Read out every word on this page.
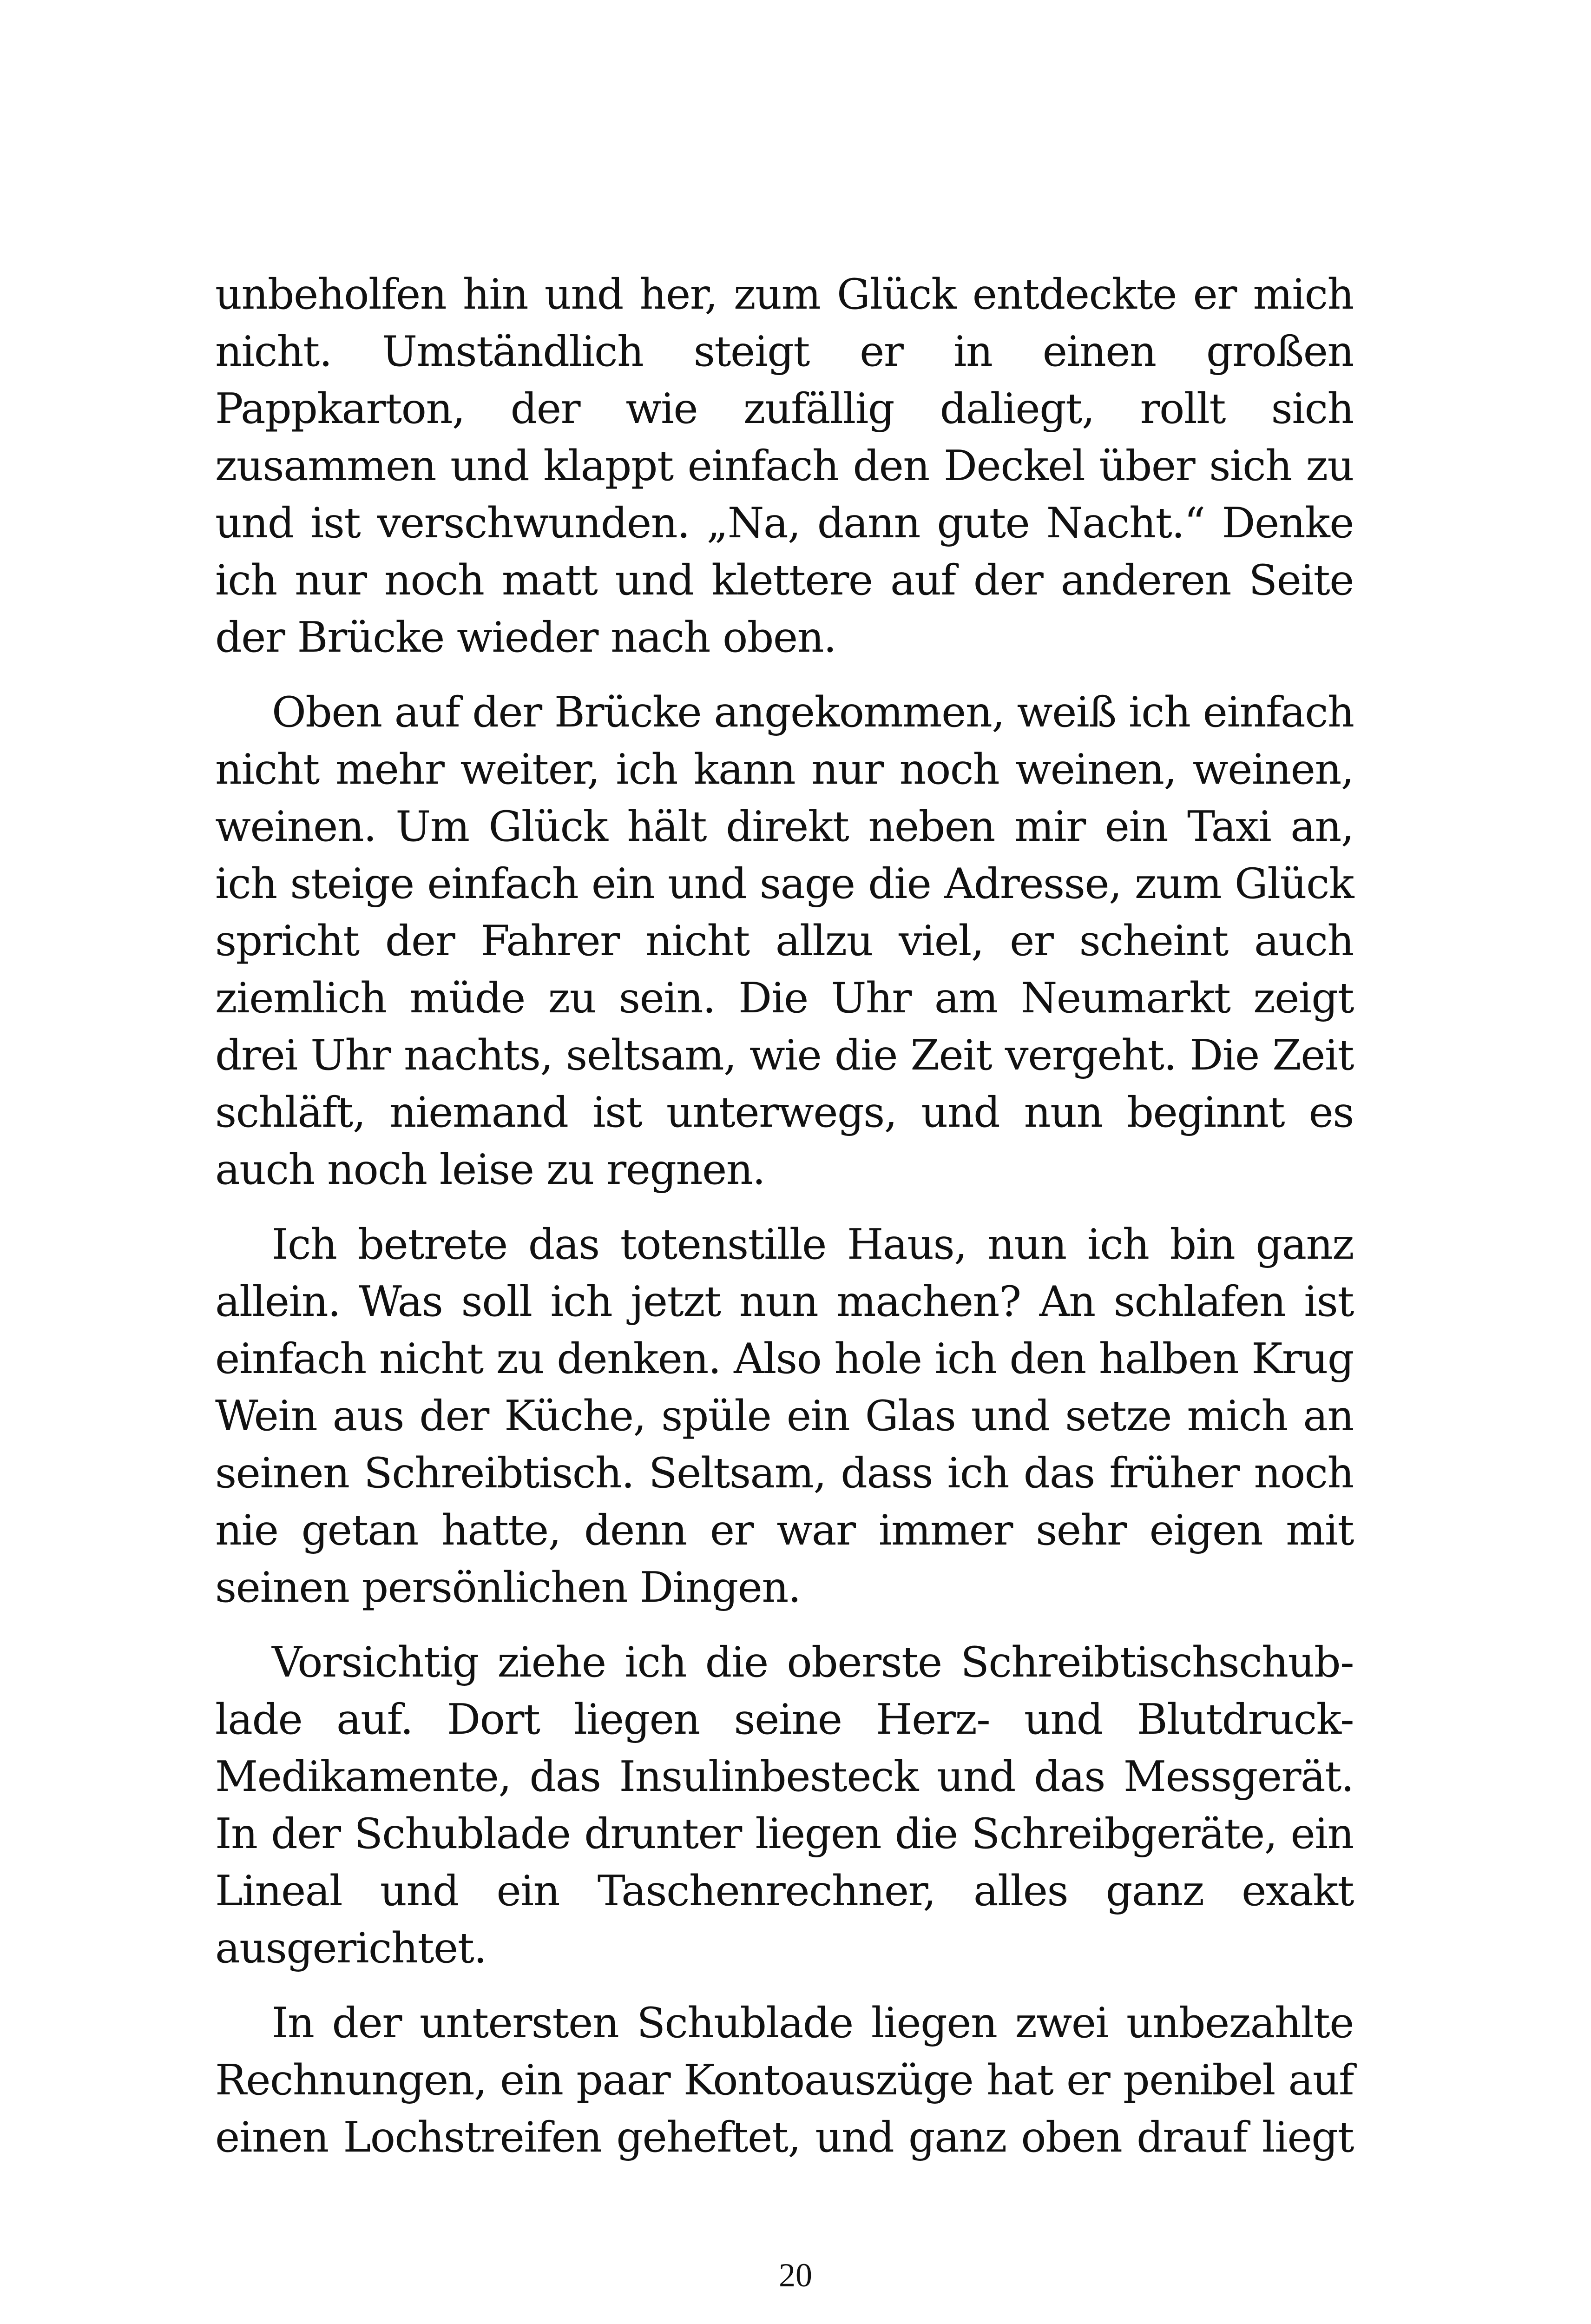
unbeholfen hin und her, zum Glück entdeckte er mich
nicht. Umständlich steigt er in einen großen
Pappkarton, der wie zufällig daliegt, rollt sich
zusammen und klappt einfach den Deckel über sich zu
und ist verschwunden. „Na, dann gute Nacht.“ Denke
ich nur noch matt und klettere auf der anderen Seite
der Brücke wieder nach oben.
Oben auf der Brücke angekommen, weiß ich einfach
nicht mehr weiter, ich kann nur noch weinen, weinen,
weinen. Um Glück hält direkt neben mir ein Taxi an,
ich steige einfach ein und sage die Adresse, zum Glück
spricht der Fahrer nicht allzu viel, er scheint auch
ziemlich müde zu sein. Die Uhr am Neumarkt zeigt
drei Uhr nachts, seltsam, wie die Zeit vergeht. Die Zeit
schläft, niemand ist unterwegs, und nun beginnt es
auch noch leise zu regnen.
Ich betrete das totenstille Haus, nun ich bin ganz
allein. Was soll ich jetzt nun machen? An schlafen ist
einfach nicht zu denken. Also hole ich den halben Krug
Wein aus der Küche, spüle ein Glas und setze mich an
seinen Schreibtisch. Seltsam, dass ich das früher noch
nie getan hatte, denn er war immer sehr eigen mit
seinen persönlichen Dingen.
Vorsichtig ziehe ich die oberste Schreibtischschub-
lade auf. Dort liegen seine Herz- und Blutdruck-
Medikamente, das Insulinbesteck und das Messgerät.
In der Schublade drunter liegen die Schreibgeräte, ein
Lineal und ein Taschenrechner, alles ganz exakt
ausgerichtet.
In der untersten Schublade liegen zwei unbezahlte
Rechnungen, ein paar Kontoauszüge hat er penibel auf
einen Lochstreifen geheftet, und ganz oben drauf liegt
20
